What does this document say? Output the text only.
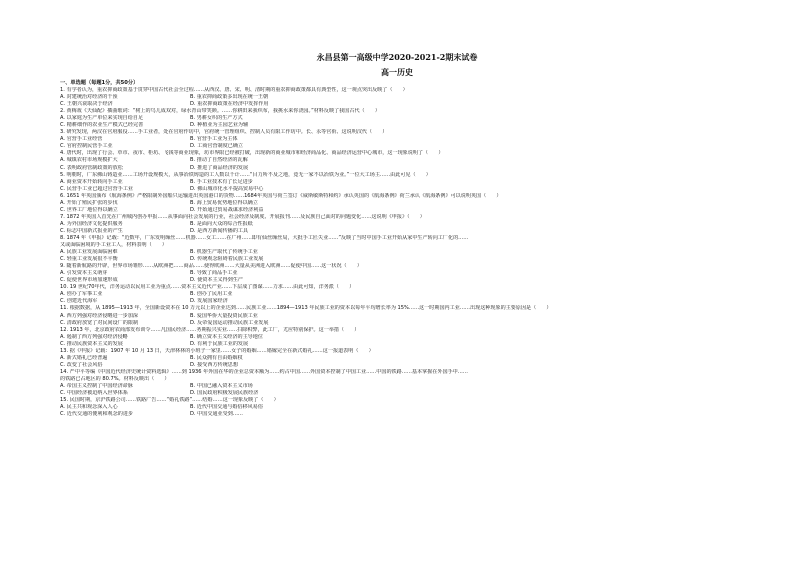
永昌县第一高级中学2020-2021-2期末试卷
高一历史
一、单选题（每题1分，共50分）
1. 有学者认为，重农抑商政策基于贯穿中国古代社会全过程……从西汉、唐、宋、明、清时期的重农抑商政策都具有典型性，这一观点突出反映了（　　）
A. 封建统治对经济的干预	B. 重农抑商政策多出现在统一王朝
C. 王朝兴衰取决于经济	D. 重农抑商政策在经济中发挥作用
2. 黄梅戏《天仙配》插曲歌词：“树上的鸟儿成双对，绿水青山带笑颜。……你耕田来我织布，我挑水来你浇园。”材料反映了我国古代（　　）
A. 以家庭为生产单位来实现自给自足	B. 男耕女织的生产方式
C. 精耕细作的农业生产模式已经完善	D. 种植业为主园艺业为辅
3. 研究发现，两汉在官府服役……手工业者，处在官府作坊中，官府统一管理组织、控制人员有限工作坊中。长、永等官衔、这说明汉代（　　）
A. 官营手工业经营	B. 官营手工业为主体
C. 官府控制民营手工业	D. 工商官营制度已确立
4. 唐代时，出现了行会、草市、夜市、柜坊、飞钱等商业现象，坊市界限已经被打破，出现新的商业城市和经济商品化、商品经济运营中心城市，这一现象说明了（　　）
A. 城镇农村市场规模扩大	B. 推动了自然经济的瓦解
C. 表明政府管制政策的放松	D. 推进了商品经济的发展
5. 明朝时，广东佛山铸造业……工场开设规模大，从事冶铁铸造的工人数以千计……“目力所不及之地，竟无一家不以冶铁为业。”一位大工场主……由此可见（　　）
A. 商业资本开始转向手工业	B. 手工业技术有了长足进步
C. 民营手工业已超过官营手工业	D. 佛山城市化水平提高贸易中心
6. 1651 年英国颁布《航海条例》严格限制外国船只运输进出英国港口的货物……1684年英国与荷兰签订《威斯敏斯特和约》承认英国的《航海条例》荷兰承认《航海条例》可以说明英国（　　）
A. 开始了殖民扩张的步伐	B. 海上贸易优势地位得以确立
C. 世界工厂地位得以确立	D. 开始通过贸易战谋求经济利益
7. 1872 年英国人首先在广州城内创办申报……从事面向社会发展的行业，社会经济及制度、开展报刊……及民族自己面对的问题变化……这说明《申报》（　　）
A. 为外国经济文化提供服务	B. 是面向大众的综合性报纸
C. 标志中国新式报业的产生	D. 是西方新闻传播的工具
8. 1874 年《申报》记载：“近数年，广东发明缫丝……机器……女工……在广州……即有仙丝缫丝局，大批手工匠失业……”反映了当时中国手工业开始从家中生产转向工厂化的……
又或面临困境的手工业工人，材料表明（　　）
A. 民族工业发展面临困难	B. 机器生产取代了传统手工业
C. 轻重工业发展很不平衡	D. 传统观念阻碍着民族工业发展
9. 随着新航路的开辟，世界市场雏形……从欧洲把……商品……使得欧洲……大量从美洲进入欧洲……促使中国……这一状况（　　）
A. 引发资本主义萌芽	B. 导致了商品手工业
C. 促使世界市场加速形成	D. 使资本主义得到生产
10. 19 世纪70年代，洋务运动以民用工业为重点……资本主义近代产业……下层成了图谋……力求……由此可知，洋务派（　　）
A. 创办了军事工业	B. 创办了民用工业
C. 创建近代海军	D. 发展国家经济
11. 根据数据，从 1895—1913 年，全国新设资本在 10 万元以上的企业达到……民族工业……1894—1913 年民族工业的资本以每年平均增长率为 15%……这一时期国内工业……出现这种现象的主要原因是（　　）
A. 西方列强对经济侵略进一步加深	B. 爱国华侨大量投资民族工业
C. 清政府放宽了对民间设厂的限制	D. 反帝爱国运动推动民族工业发展
12. 1913 年，北京政府农商部发布训令……凡国民经济……务期振兴实业……扫除积弊，此工厂，尤应特别保护。这一举措（　　）
A. 遏制了西方列强对经济侵略	B. 确立资本主义经济的主导地位
C. 推动民族资本主义的发展	D. 有利于民族工业的发展
13. 据《申报》记载：1907 年 10 月 13 日，天津林林的小班子一家里……女子的婚姻……婚嫁完全在新式婚礼……这一报道表明（　　）
A. 新式婚礼已经普遍	B. 民众拥有自由婚姻权
C. 改变了社会风俗	D. 接受西方传统思想
14. 严中平等编《中国近代经济史统计资料选辑》……到 1936 年外国在华的企业总资本额为……约占中国……外国资本控制了中国工业……中国的铁路……基本掌握在外国手中……
的铁路已占地区的 80.7%。材料反映出（　　）
A. 帝国主义控制了中国经济命脉	B. 中国已融入资本主义市场
C. 中国经济被迫纳入世界体系	D. 国民政府积极发展民族经济
15. 民国时期，京沪铁路公司……铁路广告……“婚礼铁路”……结婚……这一现象反映了（　　）
A. 民主共和观念深入人心	B. 近代中国交通与婚俗移风易俗
C. 近代交通的便利和观念的进步	D. 中国交通业受到……
